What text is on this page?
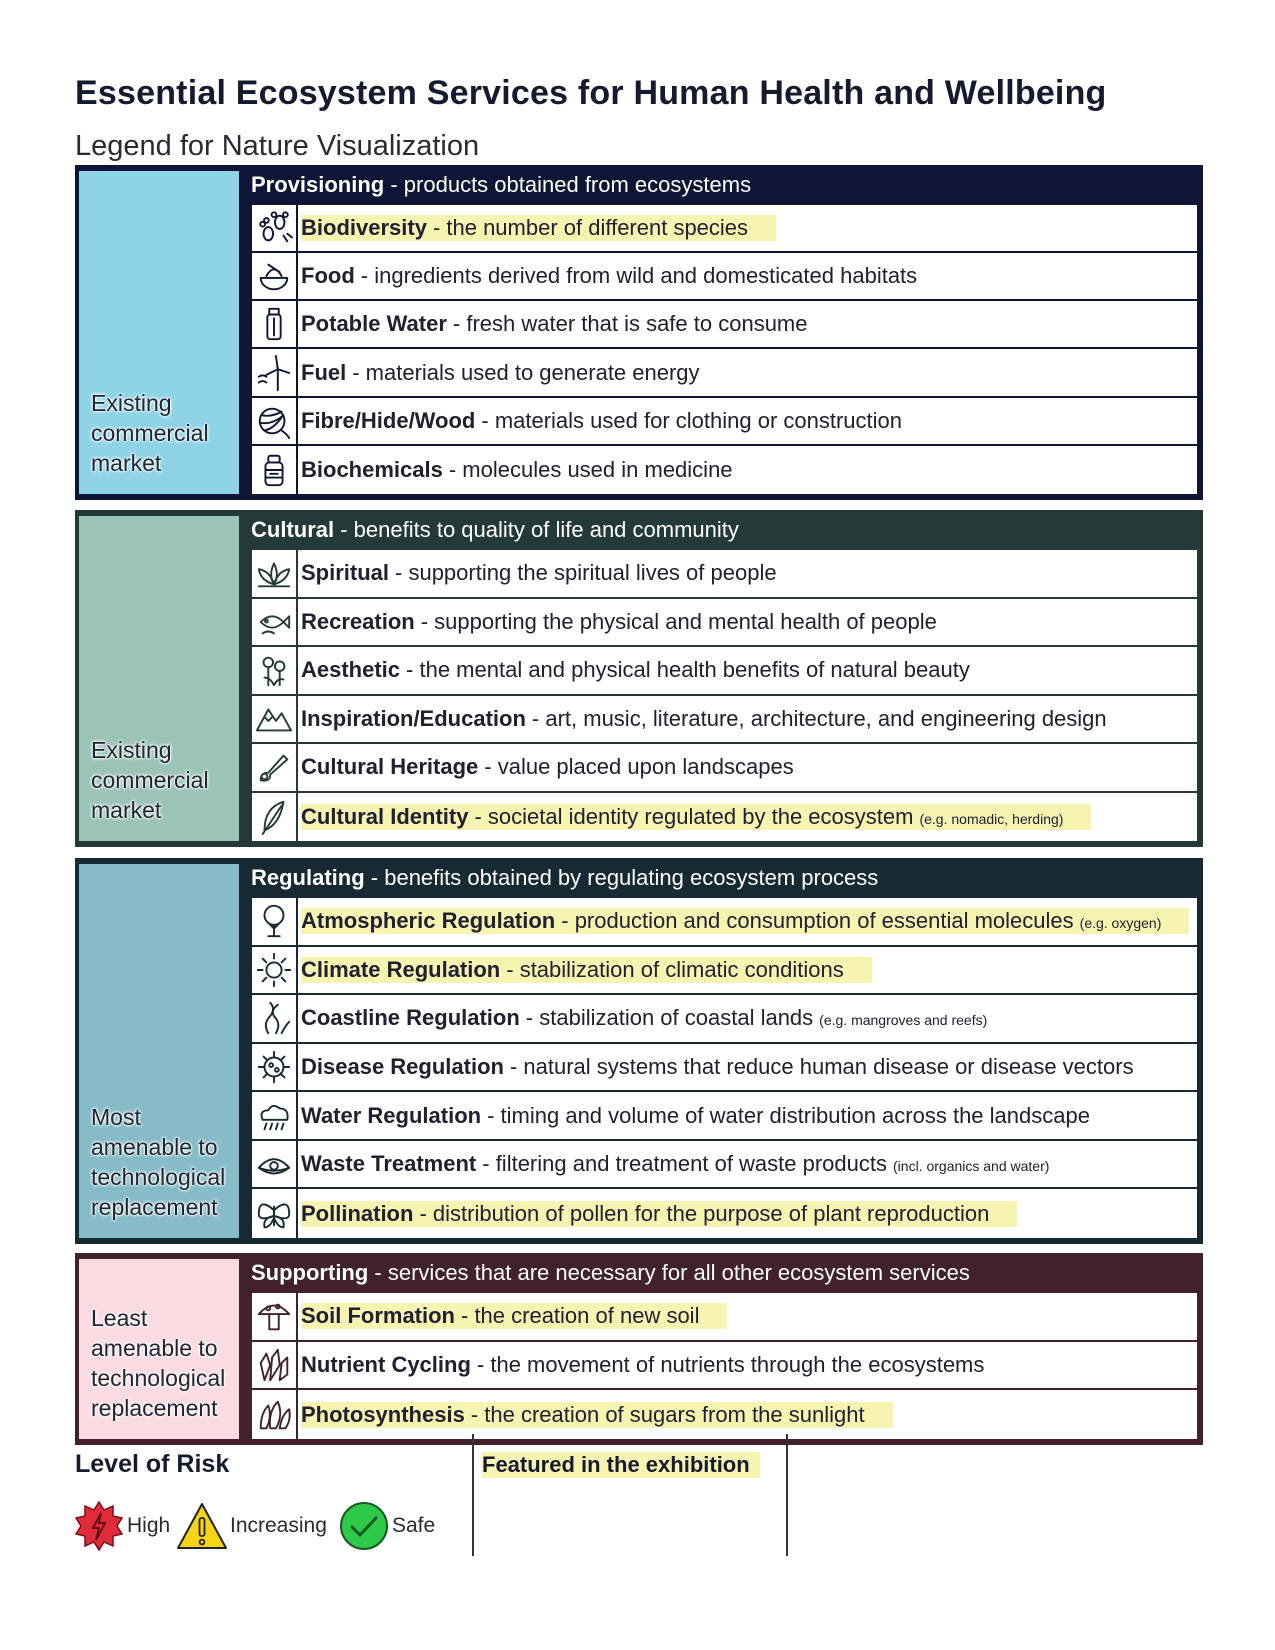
Essential Ecosystem Services for Human Health and Wellbeing
Legend for Nature Visualization
Existing commercial market
Provisioning - products obtained from ecosystems
Biodiversity - the number of different species
Food - ingredients derived from wild and domesticated habitats
Potable Water - fresh water that is safe to consume
Fuel - materials used to generate energy
Fibre/Hide/Wood - materials used for clothing or construction
Biochemicals - molecules used in medicine
Existing commercial market
Cultural - benefits to quality of life and community
Spiritual - supporting the spiritual lives of people
Recreation - supporting the physical and mental health of people
Aesthetic - the mental and physical health benefits of natural beauty
Inspiration/Education - art, music, literature, architecture, and engineering design
Cultural Heritage - value placed upon landscapes
Cultural Identity - societal identity regulated by the ecosystem (e.g. nomadic, herding)
Most amenable to technological replacement
Regulating - benefits obtained by regulating ecosystem process
Atmospheric Regulation - production and consumption of essential molecules (e.g. oxygen)
Climate Regulation - stabilization of climatic conditions
Coastline Regulation - stabilization of coastal lands (e.g. mangroves and reefs)
Disease Regulation - natural systems that reduce human disease or disease vectors
Water Regulation - timing and volume of water distribution across the landscape
Waste Treatment - filtering and treatment of waste products (incl. organics and water)
Pollination - distribution of pollen for the purpose of plant reproduction
Least amenable to technological replacement
Supporting - services that are necessary for all other ecosystem services
Soil Formation - the creation of new soil
Nutrient Cycling - the movement of nutrients through the ecosystems
Photosynthesis - the creation of sugars from the sunlight
Level of Risk	Featured in the exhibition
High	Increasing	Safe
